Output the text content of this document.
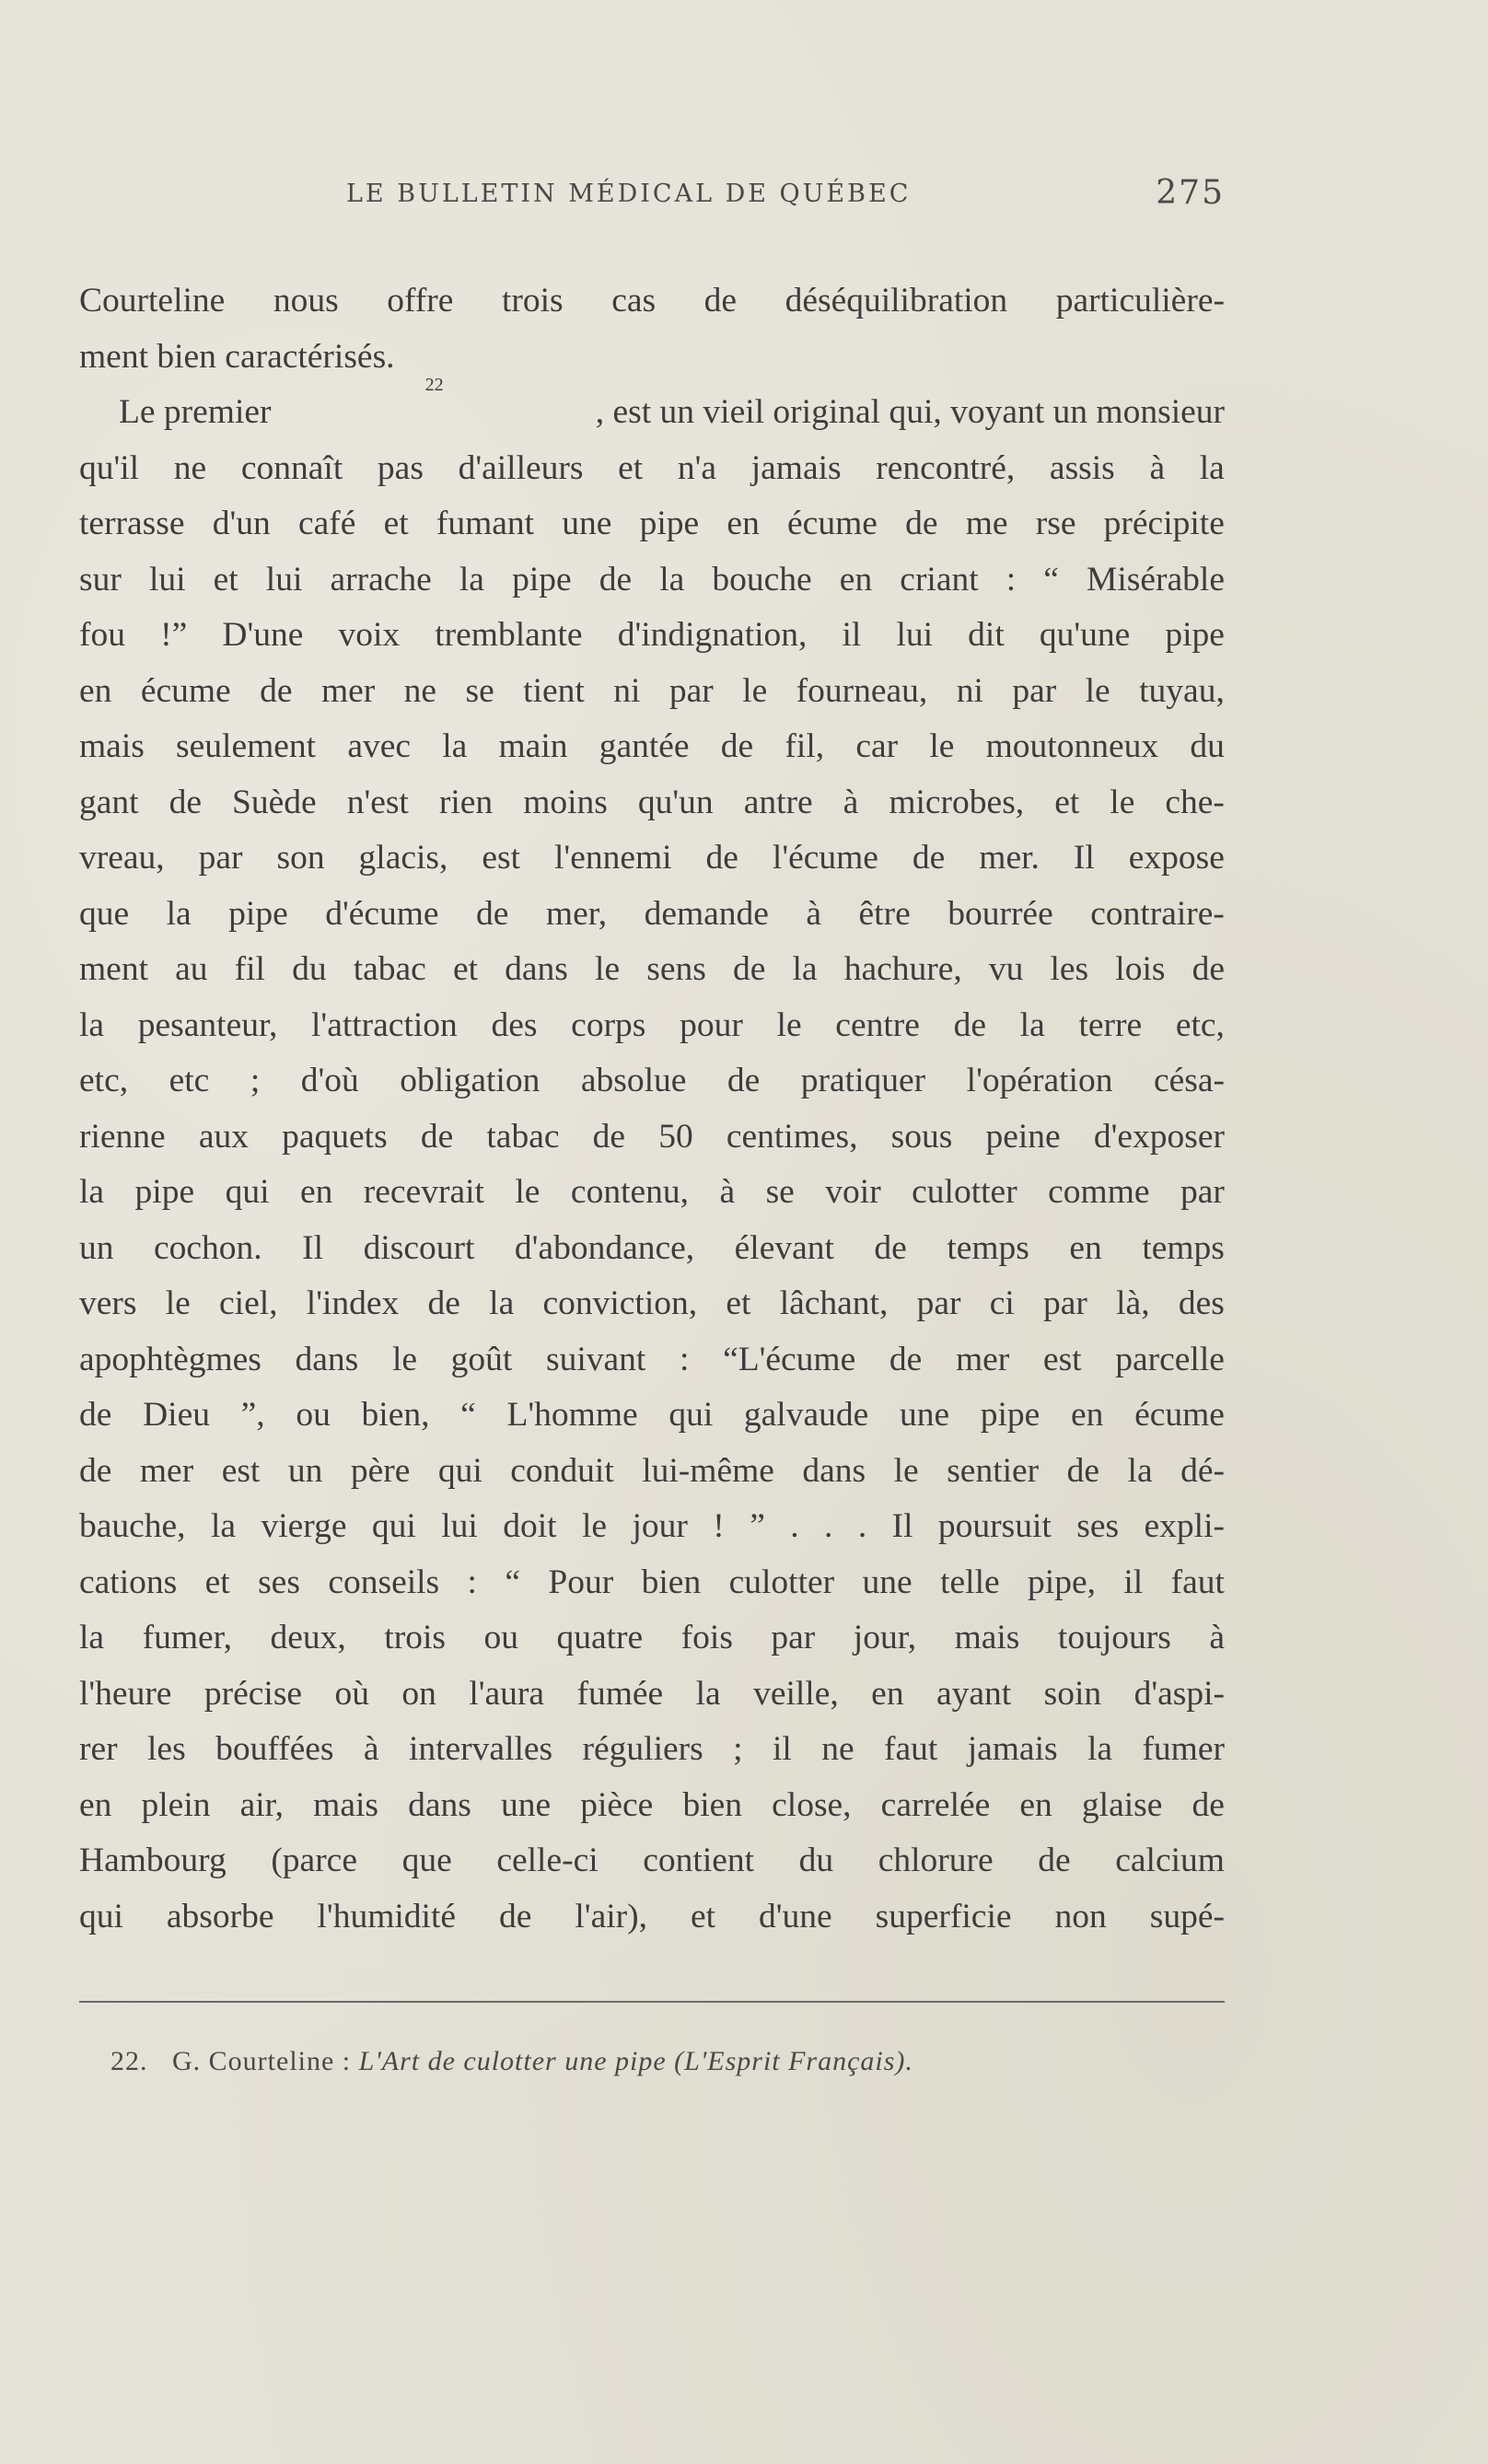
LE BULLETIN MÉDICAL DE QUÉBEC	275
Courteline nous offre trois cas de déséquilibration particulière-
ment bien caractérisés.
Le premier
22
, est un vieil original qui, voyant un monsieur
qu'il ne connaît pas d'ailleurs et n'a jamais rencontré, assis à la
terrasse d'un café et fumant une pipe en écume de me rse précipite
sur lui et lui arrache la pipe de la bouche en criant : “ Misérable
fou !” D'une voix tremblante d'indignation, il lui dit qu'une pipe
en écume de mer ne se tient ni par le fourneau, ni par le tuyau,
mais seulement avec la main gantée de fil, car le moutonneux du
gant de Suède n'est rien moins qu'un antre à microbes, et le che-
vreau, par son glacis, est l'ennemi de l'écume de mer. Il expose
que la pipe d'écume de mer, demande à être bourrée contraire-
ment au fil du tabac et dans le sens de la hachure, vu les lois de
la pesanteur, l'attraction des corps pour le centre de la terre etc,
etc, etc ; d'où obligation absolue de pratiquer l'opération césa-
rienne aux paquets de tabac de 50 centimes, sous peine d'exposer
la pipe qui en recevrait le contenu, à se voir culotter comme par
un cochon. Il discourt d'abondance, élevant de temps en temps
vers le ciel, l'index de la conviction, et lâchant, par ci par là, des
apophtègmes dans le goût suivant : “L'écume de mer est parcelle
de Dieu ”, ou bien, “ L'homme qui galvaude une pipe en écume
de mer est un père qui conduit lui-même dans le sentier de la dé-
bauche, la vierge qui lui doit le jour ! ” . . . Il poursuit ses expli-
cations et ses conseils : “ Pour bien culotter une telle pipe, il faut
la fumer, deux, trois ou quatre fois par jour, mais toujours à
l'heure précise où on l'aura fumée la veille, en ayant soin d'aspi-
rer les bouffées à intervalles réguliers ; il ne faut jamais la fumer
en plein air, mais dans une pièce bien close, carrelée en glaise de
Hambourg (parce que celle-ci contient du chlorure de calcium
qui absorbe l'humidité de l'air), et d'une superficie non supé-
22. G. Courteline : L'Art de culotter une pipe (L'Esprit Français).
